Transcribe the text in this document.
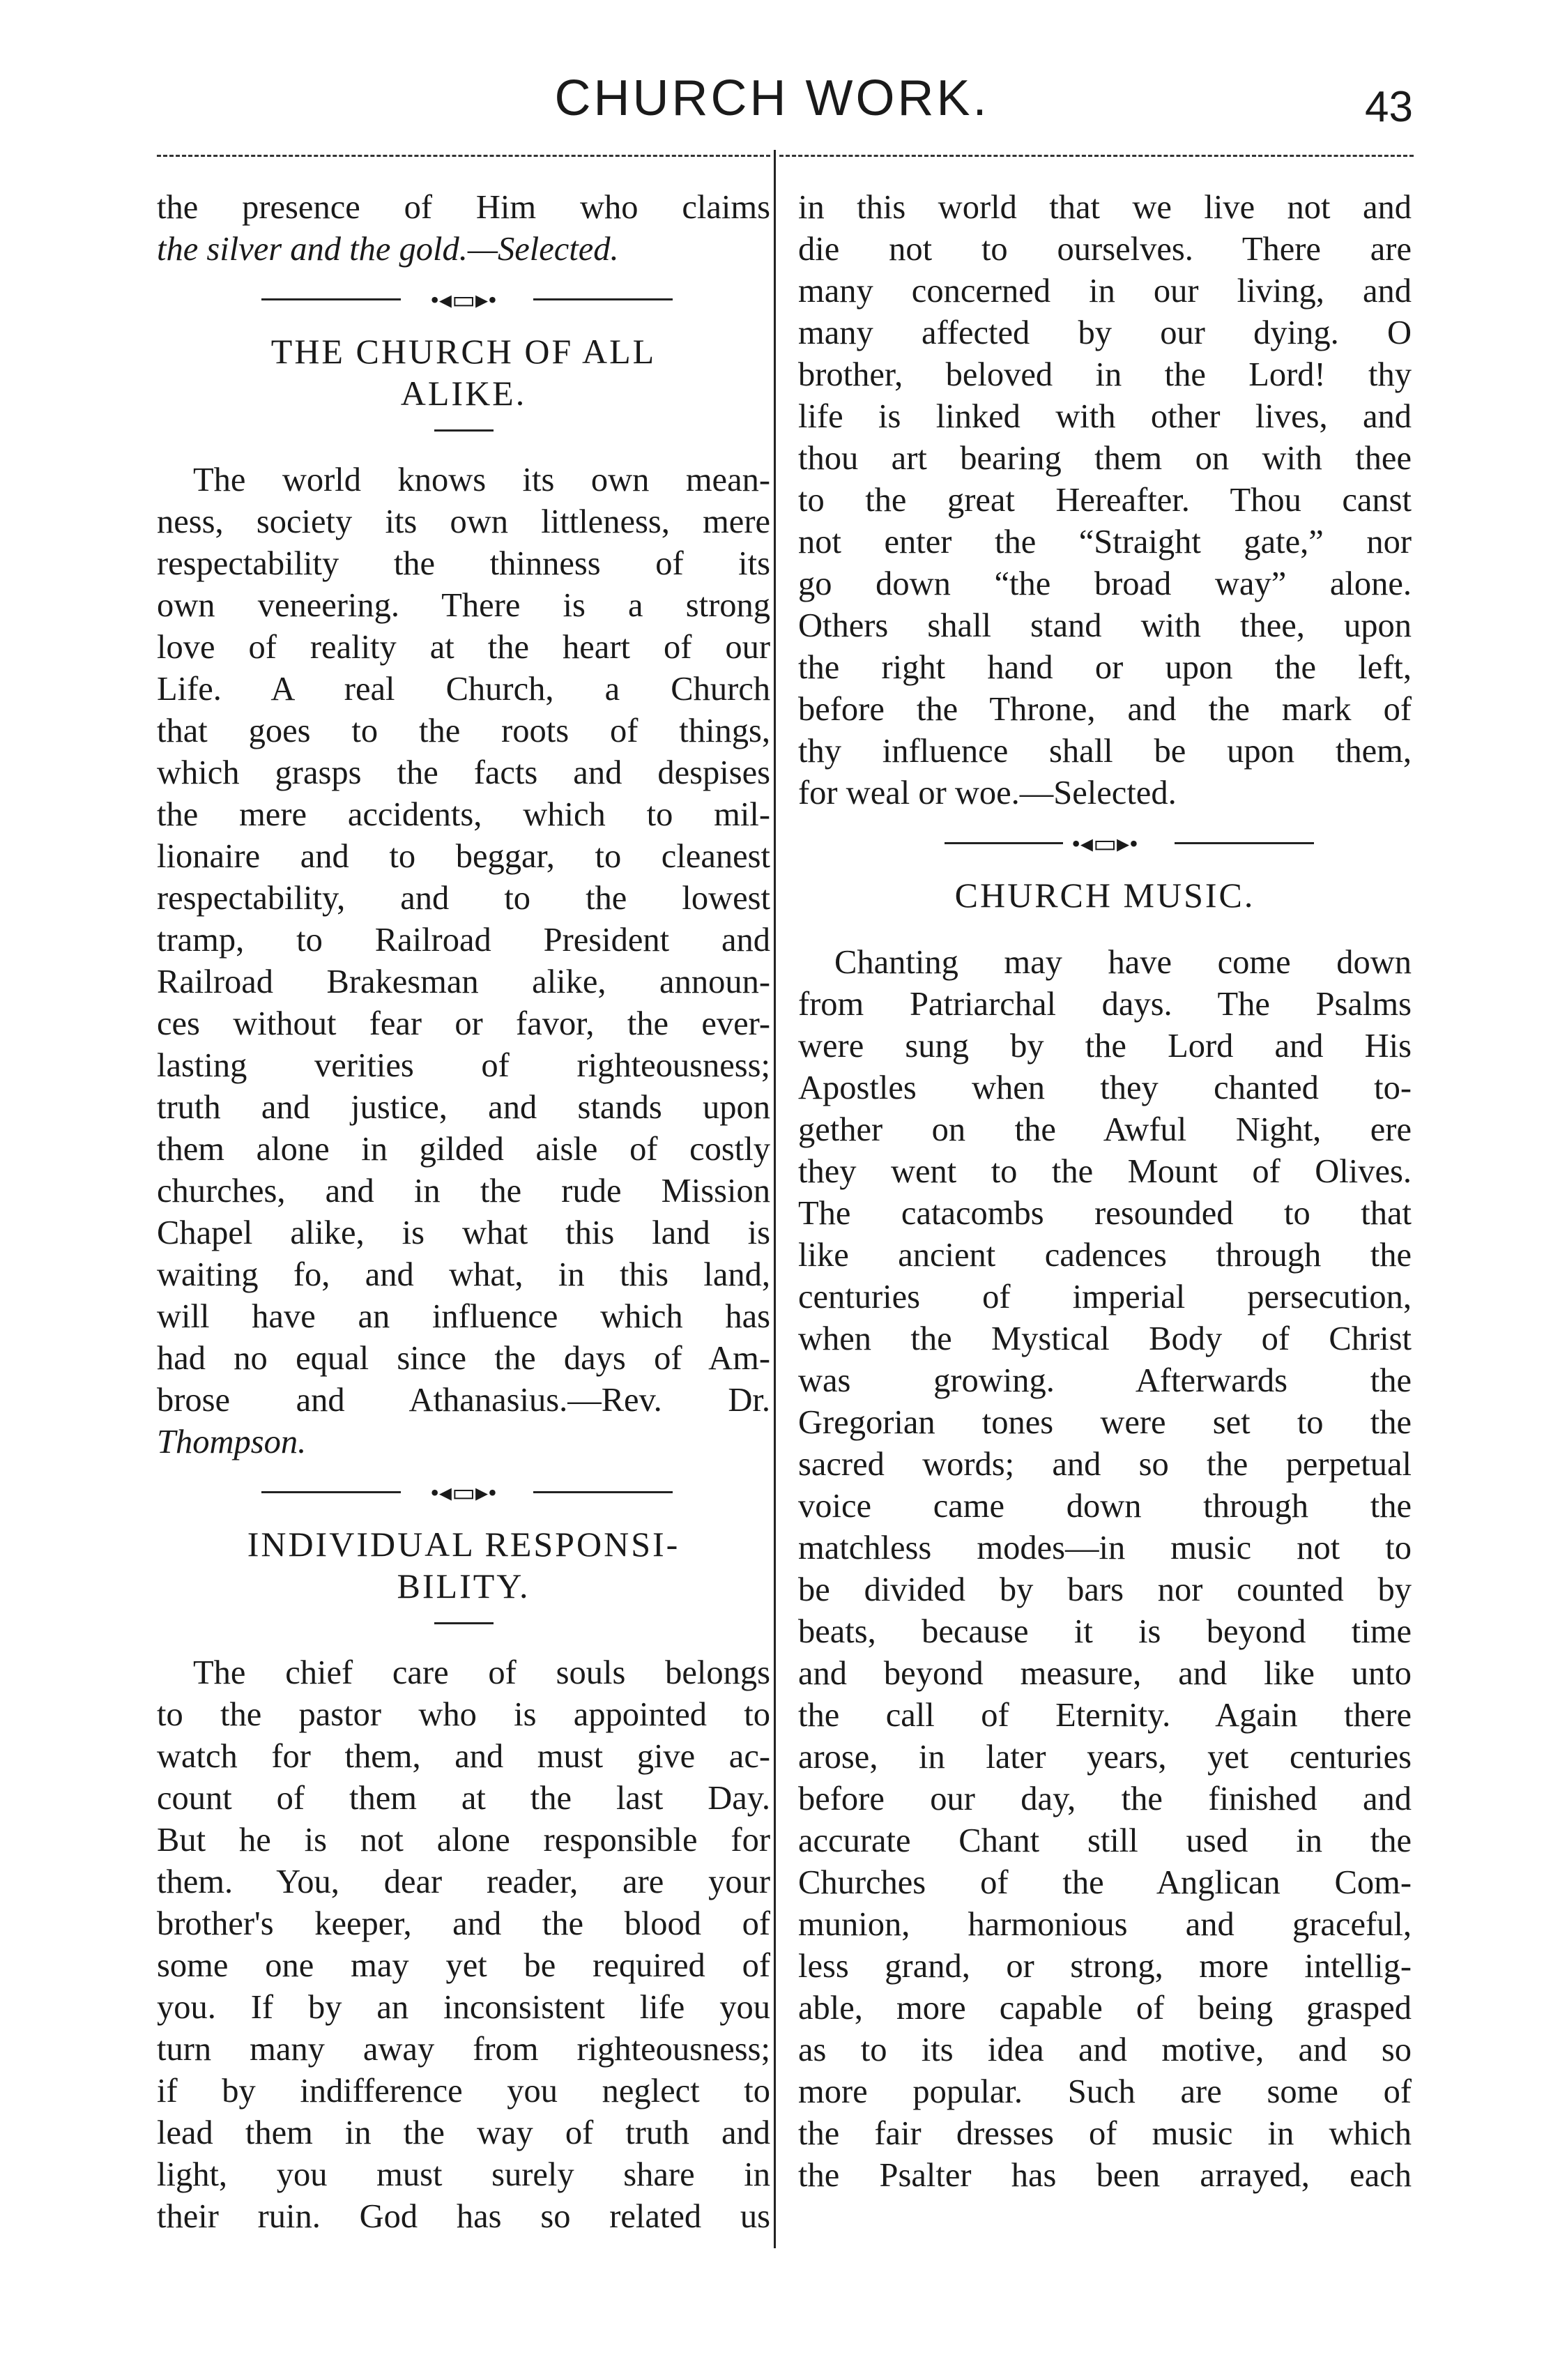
CHURCH WORK.	43
the presence of Him who claims
the silver and the gold.—Selected.
•◂▭▸•
THE CHURCH OF ALL
ALIKE.
The world knows its own mean-
ness, society its own littleness, mere
respectability the thinness of its
own veneering. There is a strong
love of reality at the heart of our
Life. A real Church, a Church
that goes to the roots of things,
which grasps the facts and despises
the mere accidents, which to mil-
lionaire and to beggar, to cleanest
respectability, and to the lowest
tramp, to Railroad President and
Railroad Brakesman alike, announ-
ces without fear or favor, the ever-
lasting verities of righteousness;
truth and justice, and stands upon
them alone in gilded aisle of costly
churches, and in the rude Mission
Chapel alike, is what this land is
waiting fo, and what, in this land,
will have an influence which has
had no equal since the days of Am-
brose and Athanasius.—Rev. Dr.
Thompson.
•◂▭▸•
INDIVIDUAL RESPONSI-
BILITY.
The chief care of souls belongs
to the pastor who is appointed to
watch for them, and must give ac-
count of them at the last Day.
But he is not alone responsible for
them. You, dear reader, are your
brother's keeper, and the blood of
some one may yet be required of
you. If by an inconsistent life you
turn many away from righteousness;
if by indifference you neglect to
lead them in the way of truth and
light, you must surely share in
their ruin. God has so related us
in this world that we live not and
die not to ourselves. There are
many concerned in our living, and
many affected by our dying. O
brother, beloved in the Lord! thy
life is linked with other lives, and
thou art bearing them on with thee
to the great Hereafter. Thou canst
not enter the “Straight gate,” nor
go down “the broad way” alone.
Others shall stand with thee, upon
the right hand or upon the left,
before the Throne, and the mark of
thy influence shall be upon them,
for weal or woe.—Selected.
•◂▭▸•
CHURCH MUSIC.
Chanting may have come down
from Patriarchal days. The Psalms
were sung by the Lord and His
Apostles when they chanted to-
gether on the Awful Night, ere
they went to the Mount of Olives.
The catacombs resounded to that
like ancient cadences through the
centuries of imperial persecution,
when the Mystical Body of Christ
was growing. Afterwards the
Gregorian tones were set to the
sacred words; and so the perpetual
voice came down through the
matchless modes—in music not to
be divided by bars nor counted by
beats, because it is beyond time
and beyond measure, and like unto
the call of Eternity. Again there
arose, in later years, yet centuries
before our day, the finished and
accurate Chant still used in the
Churches of the Anglican Com-
munion, harmonious and graceful,
less grand, or strong, more intellig-
able, more capable of being grasped
as to its idea and motive, and so
more popular. Such are some of
the fair dresses of music in which
the Psalter has been arrayed, each
